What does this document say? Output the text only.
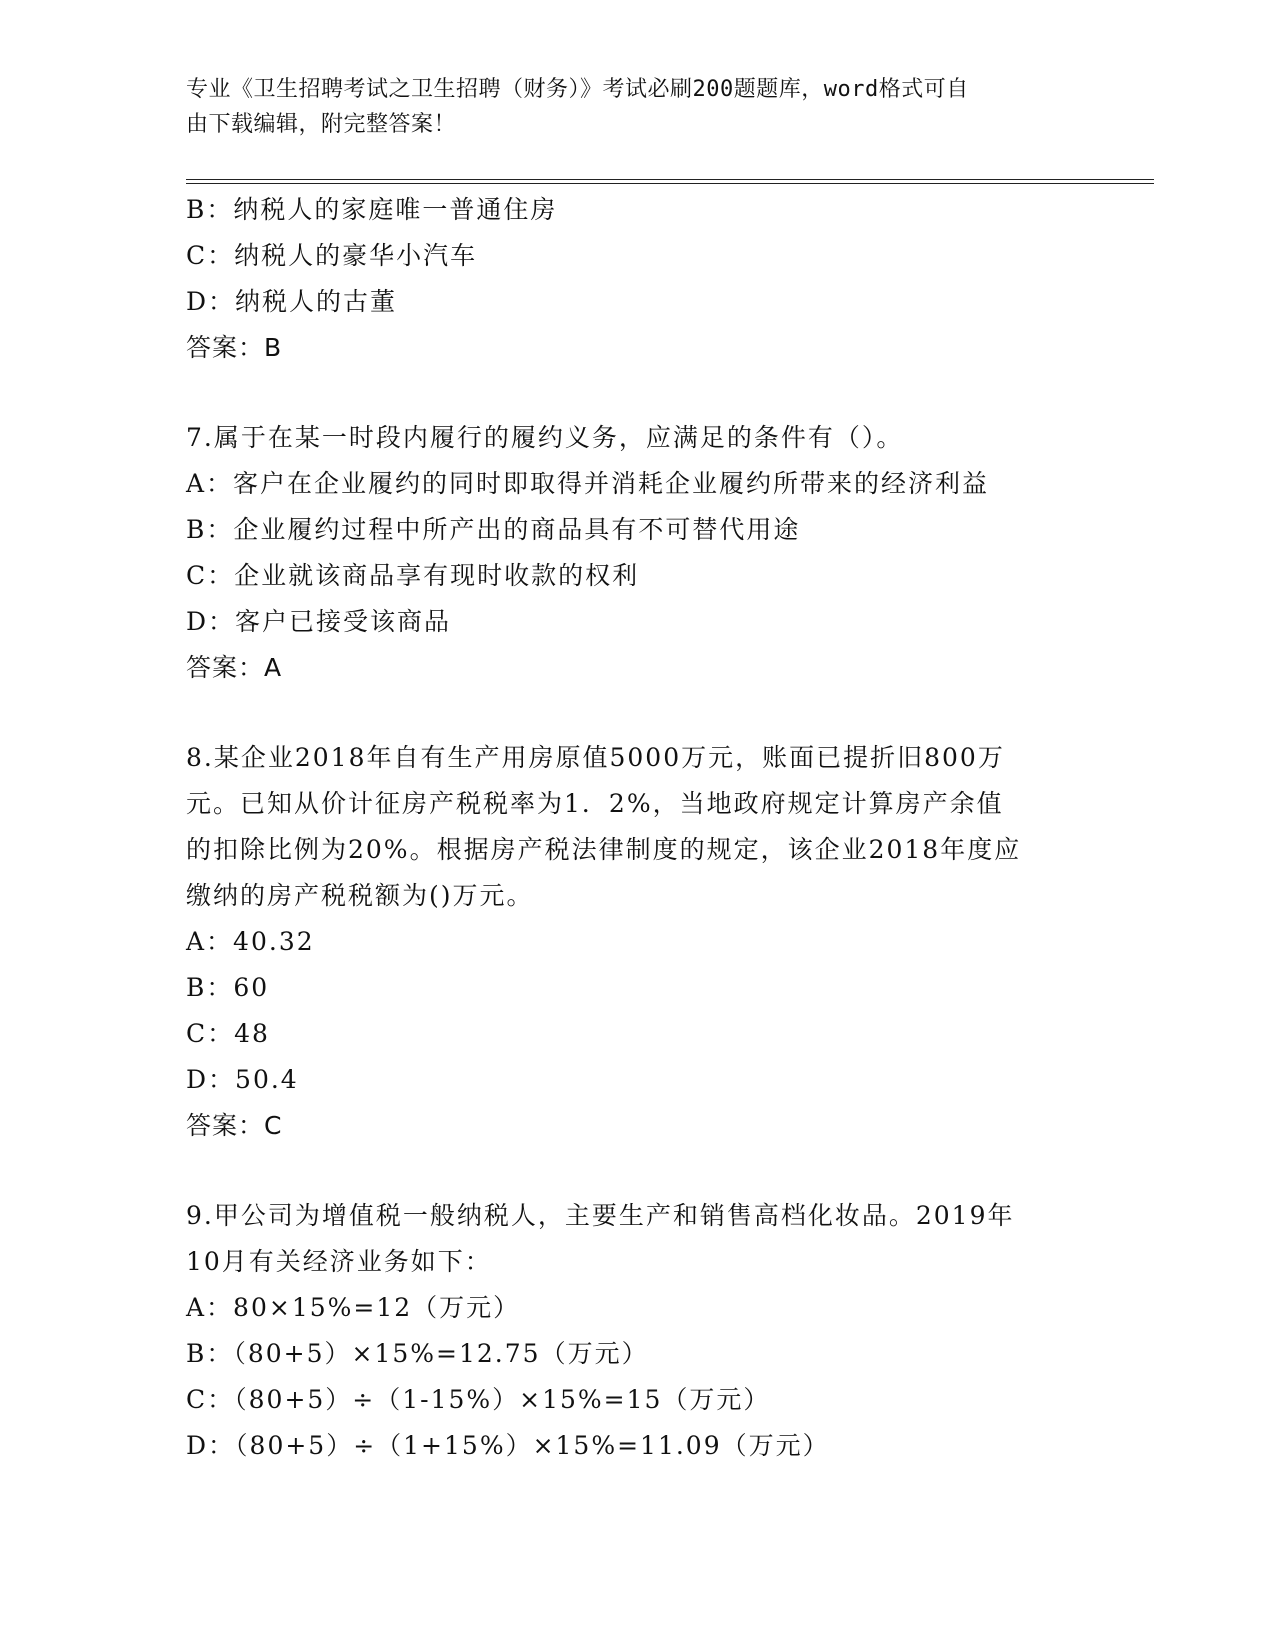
专业《卫生招聘考试之卫生招聘（财务）》考试必刷200题题库，word格式可自
由下载编辑，附完整答案！
B：纳税人的家庭唯一普通住房
C：纳税人的豪华小汽车
D：纳税人的古董
答案：B
7.属于在某一时段内履行的履约义务，应满足的条件有（）。
A：客户在企业履约的同时即取得并消耗企业履约所带来的经济利益
B：企业履约过程中所产出的商品具有不可替代用途
C：企业就该商品享有现时收款的权利
D：客户已接受该商品
答案：A
8.某企业2018年自有生产用房原值5000万元，账面已提折旧800万
元。已知从价计征房产税税率为1．2%，当地政府规定计算房产余值
的扣除比例为20%。根据房产税法律制度的规定，该企业2018年度应
缴纳的房产税税额为()万元。
A：40.32
B：60
C：48
D：50.4
答案：C
9.甲公司为增值税一般纳税人，主要生产和销售高档化妆品。2019年
10月有关经济业务如下：
A：80×15%=12（万元）
B：（80+5）×15%=12.75（万元）
C：（80+5）÷（1-15%）×15%=15（万元）
D：（80+5）÷（1+15%）×15%=11.09（万元）
